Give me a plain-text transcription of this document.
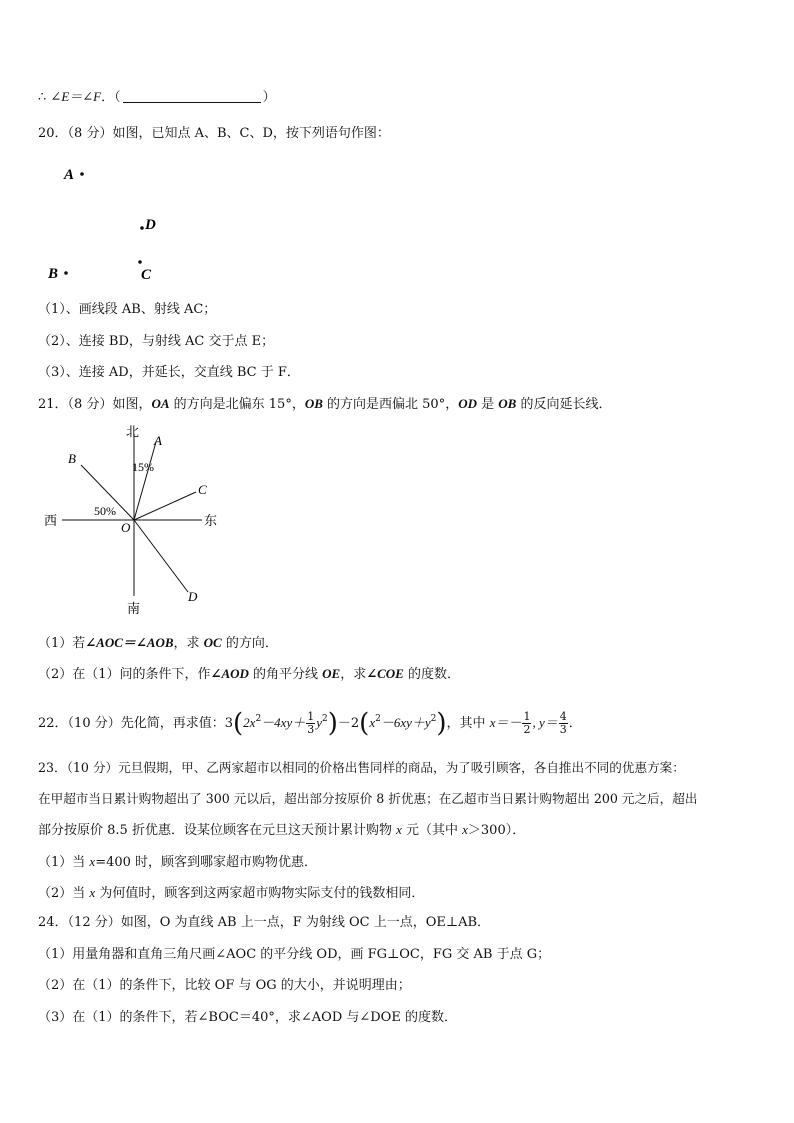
∴ ∠E＝∠F．（	）
20．（8 分）如图，已知点 A、B、C、D，按下列语句作图：
A
D
B	C
（1）、画线段 AB、射线 AC；
（2）、连接 BD，与射线 AC 交于点 E；
（3）、连接 AD，并延长，交直线 BC 于 F．
21．（8 分）如图，OA 的方向是北偏东 15°，OB 的方向是西偏北 50°，OD 是 OB 的反向延长线．
北
南
西	东
A
B
C
D
O
15%
50%
（1）若∠AOC＝∠AOB，求 OC 的方向．
（2）在（1）问的条件下，作∠AOD 的角平分线 OE，求∠COE 的度数．
22．（10 分）先化简，再求值：$3(2x^2-4xy+ \frac{1}{3} y^2)-2(x^2-6xy+y^2)$，其中 $x=- \frac{1}{2}$ , $y= \frac{4}{3}$ ．
23．（10 分）元旦假期，甲、乙两家超市以相同的价格出售同样的商品，为了吸引顾客，各自推出不同的优惠方案：
在甲超市当日累计购物超出了 300 元以后，超出部分按原价 8 折优惠；在乙超市当日累计购物超出 200 元之后，超出
部分按原价 8.5 折优惠．设某位顾客在元旦这天预计累计购物 x 元（其中 x＞300）．
（1）当 x=400 时，顾客到哪家超市购物优惠．
（2）当 x 为何值时，顾客到这两家超市购物实际支付的钱数相同．
24．（12 分）如图，O 为直线 AB 上一点，F 为射线 OC 上一点，OE⊥AB．
（1）用量角器和直角三角尺画∠AOC 的平分线 OD，画 FG⊥OC，FG 交 AB 于点 G；
（2）在（1）的条件下，比较 OF 与 OG 的大小，并说明理由；
（3）在（1）的条件下，若∠BOC＝40°，求∠AOD 与∠DOE 的度数．
